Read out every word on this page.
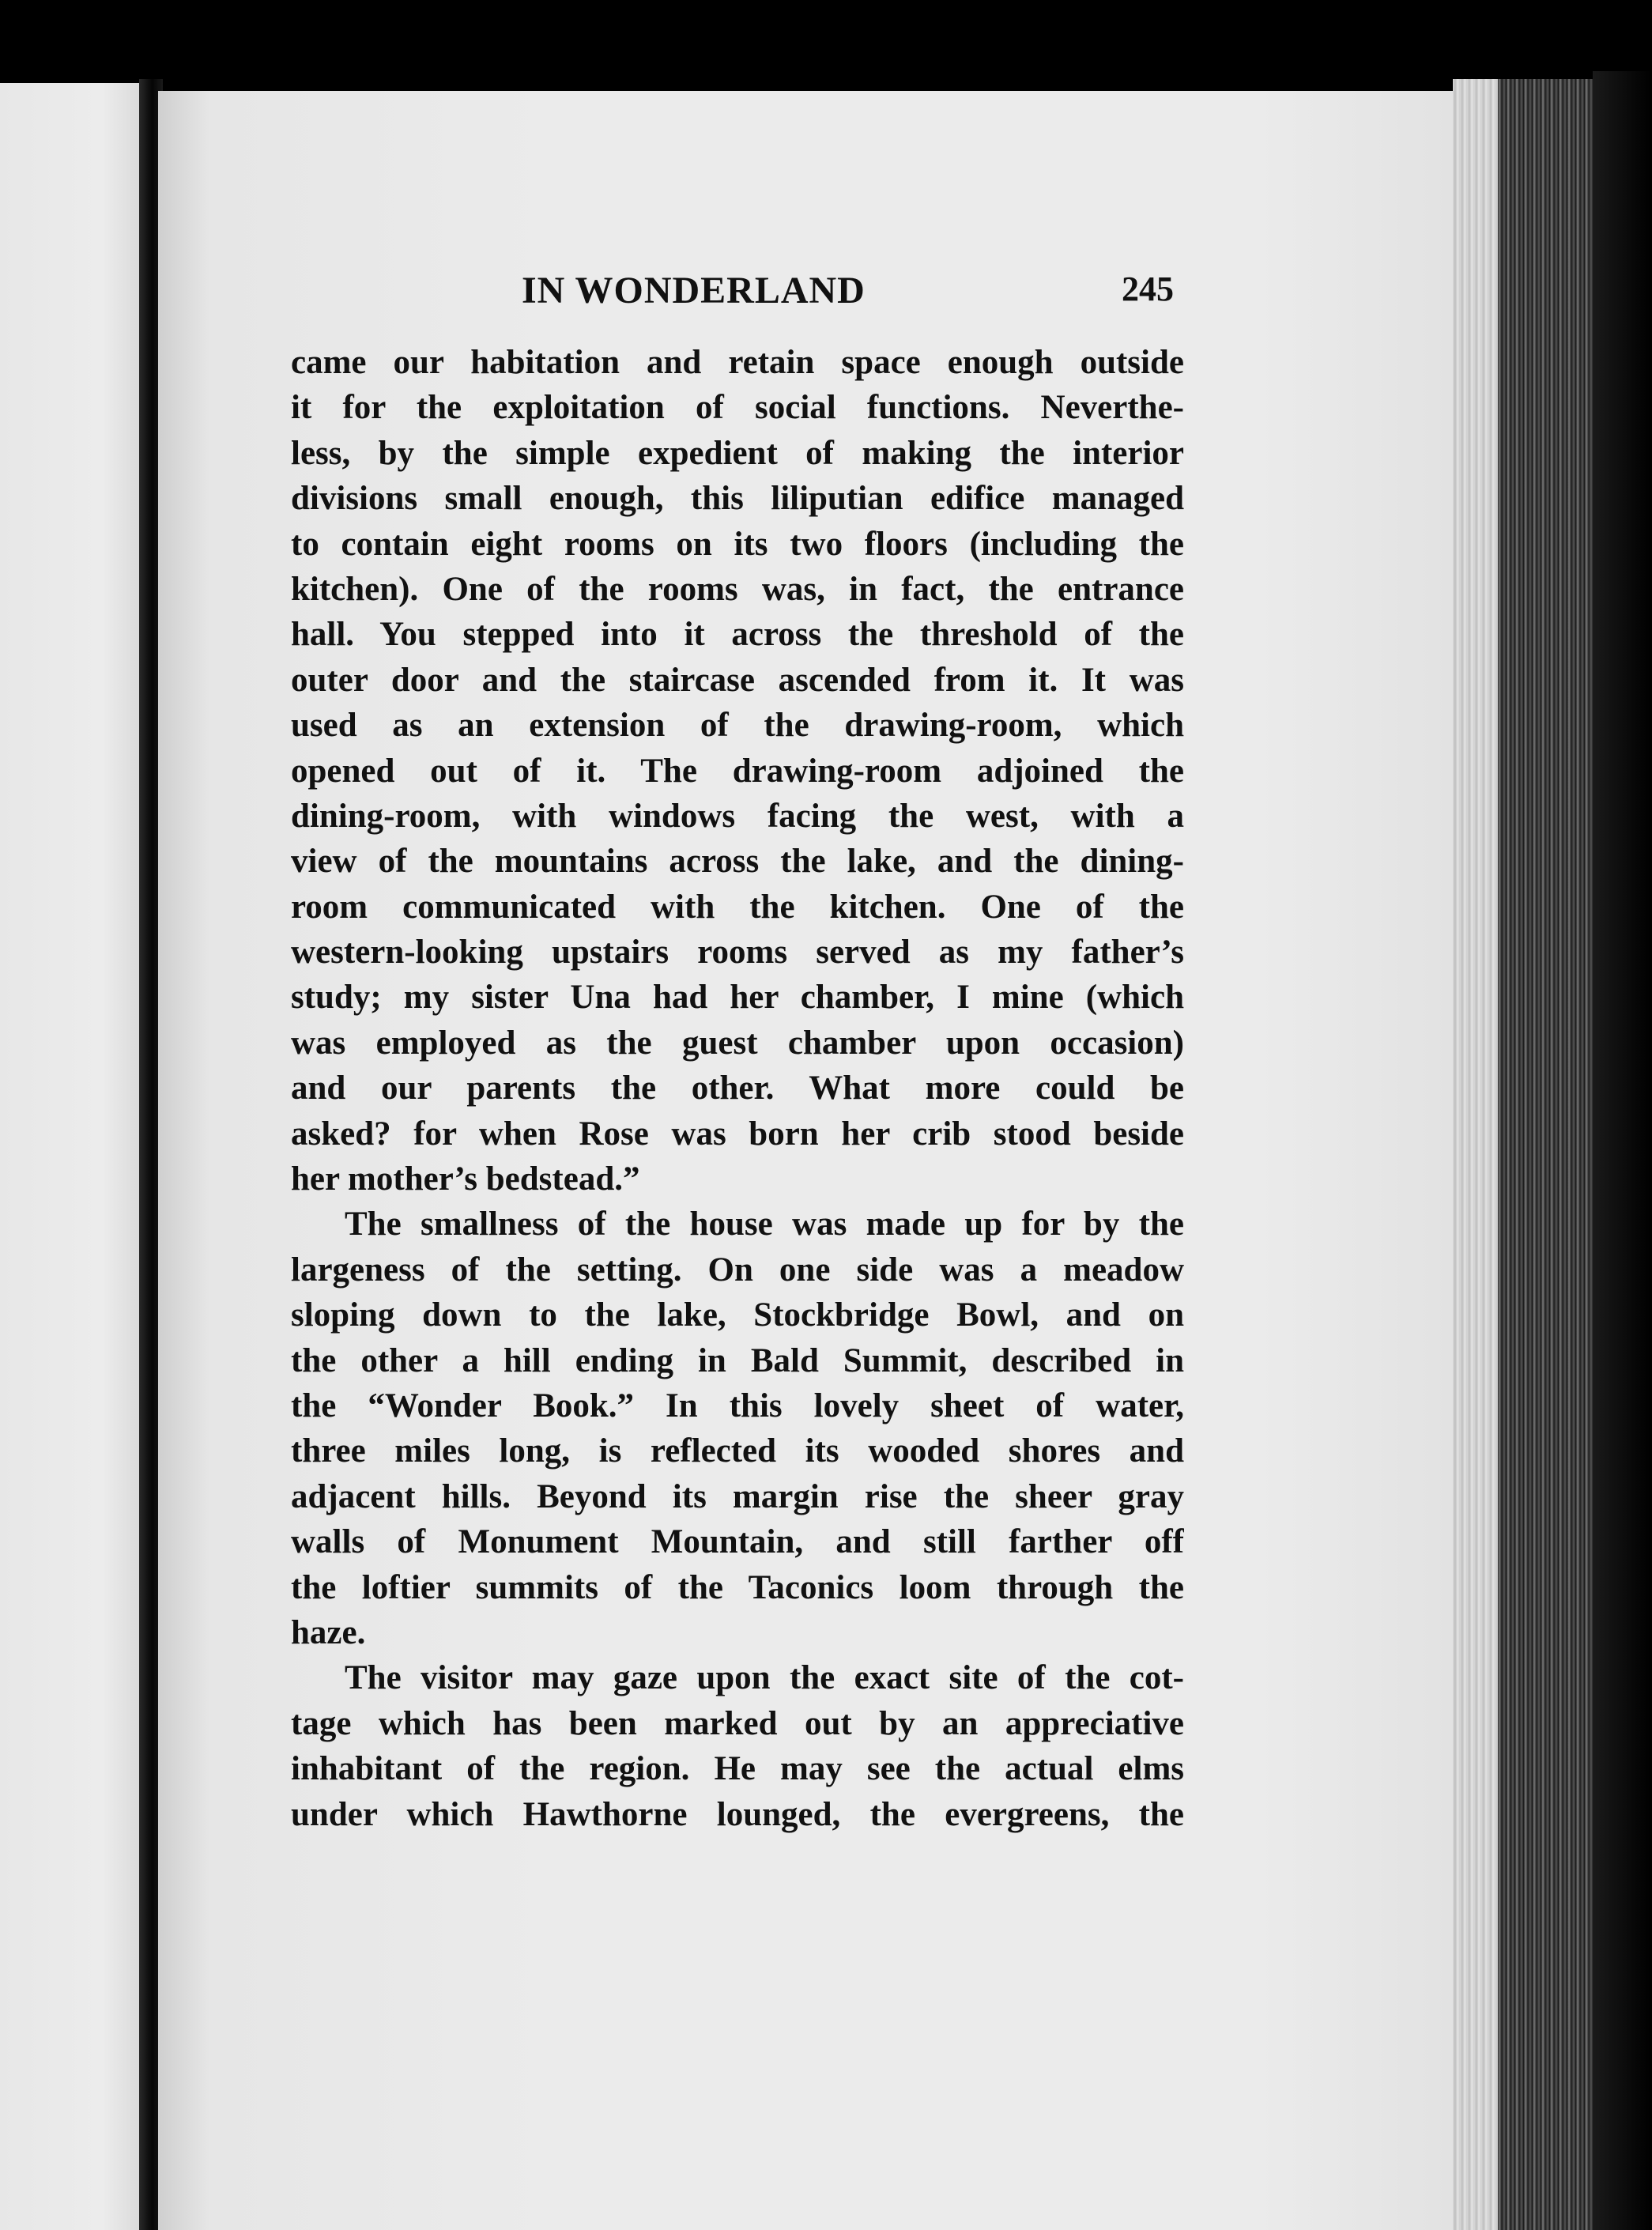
IN WONDERLAND	245
came our habitation and retain space enough outside
it for the exploitation of social functions. Neverthe-
less, by the simple expedient of making the interior
divisions small enough, this liliputian edifice managed
to contain eight rooms on its two floors (including the
kitchen). One of the rooms was, in fact, the entrance
hall. You stepped into it across the threshold of the
outer door and the staircase ascended from it. It was
used as an extension of the drawing-room, which
opened out of it. The drawing-room adjoined the
dining-room, with windows facing the west, with a
view of the mountains across the lake, and the dining-
room communicated with the kitchen. One of the
western-looking upstairs rooms served as my father’s
study; my sister Una had her chamber, I mine (which
was employed as the guest chamber upon occasion)
and our parents the other. What more could be
asked? for when Rose was born her crib stood beside
her mother’s bedstead.”
The smallness of the house was made up for by the
largeness of the setting. On one side was a meadow
sloping down to the lake, Stockbridge Bowl, and on
the other a hill ending in Bald Summit, described in
the “Wonder Book.” In this lovely sheet of water,
three miles long, is reflected its wooded shores and
adjacent hills. Beyond its margin rise the sheer gray
walls of Monument Mountain, and still farther off
the loftier summits of the Taconics loom through the
haze.
The visitor may gaze upon the exact site of the cot-
tage which has been marked out by an appreciative
inhabitant of the region. He may see the actual elms
under which Hawthorne lounged, the evergreens, the
